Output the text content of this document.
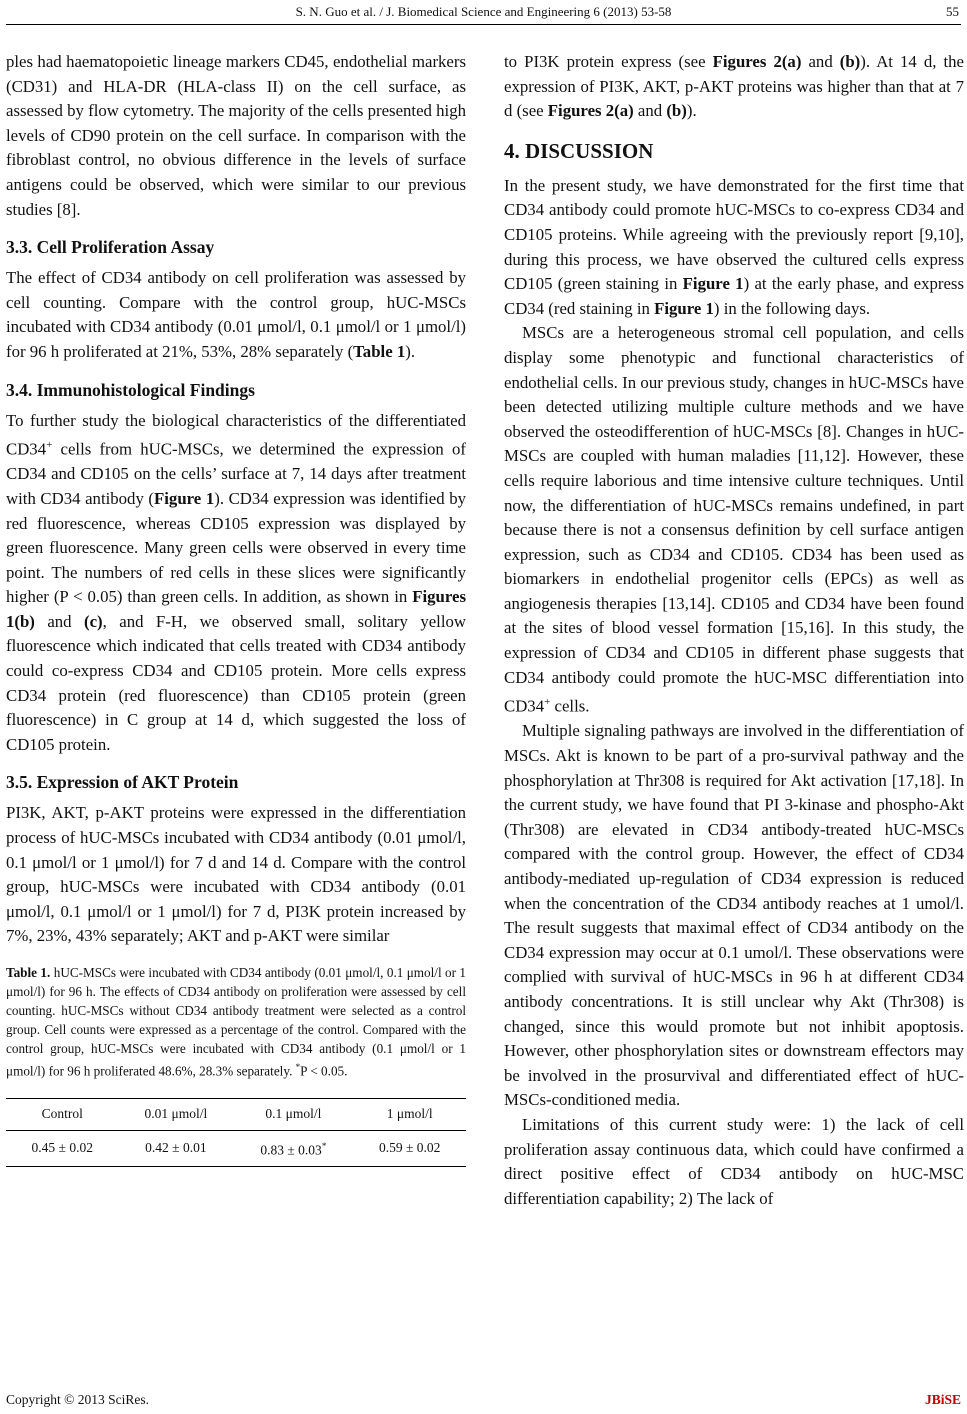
S. N. Guo et al. / J. Biomedical Science and Engineering 6 (2013) 53-58	55

ples had haematopoietic lineage markers CD45, endothelial markers (CD31) and HLA-DR (HLA-class II) on the cell surface, as assessed by flow cytometry. The majority of the cells presented high levels of CD90 protein on the cell surface. In comparison with the fibroblast control, no obvious difference in the levels of surface antigens could be observed, which were similar to our previous studies [8].

3.3. Cell Proliferation Assay

The effect of CD34 antibody on cell proliferation was assessed by cell counting. Compare with the control group, hUC-MSCs incubated with CD34 antibody (0.01 μmol/l, 0.1 μmol/l or 1 μmol/l) for 96 h proliferated at 21%, 53%, 28% separately (Table 1).

3.4. Immunohistological Findings

To further study the biological characteristics of the differentiated CD34+ cells from hUC-MSCs, we determined the expression of CD34 and CD105 on the cells’ surface at 7, 14 days after treatment with CD34 antibody (Figure 1). CD34 expression was identified by red fluorescence, whereas CD105 expression was displayed by green fluorescence. Many green cells were observed in every time point. The numbers of red cells in these slices were significantly higher (P < 0.05) than green cells. In addition, as shown in Figures 1(b) and (c), and F-H, we observed small, solitary yellow fluorescence which indicated that cells treated with CD34 antibody could co-express CD34 and CD105 protein. More cells express CD34 protein (red fluorescence) than CD105 protein (green fluorescence) in C group at 14 d, which suggested the loss of CD105 protein.

3.5. Expression of AKT Protein

PI3K, AKT, p-AKT proteins were expressed in the differentiation process of hUC-MSCs incubated with CD34 antibody (0.01 μmol/l, 0.1 μmol/l or 1 μmol/l) for 7 d and 14 d. Compare with the control group, hUC-MSCs were incubated with CD34 antibody (0.01 μmol/l, 0.1 μmol/l or 1 μmol/l) for 7 d, PI3K protein increased by 7%, 23%, 43% separately; AKT and p-AKT were similar

Table 1. hUC-MSCs were incubated with CD34 antibody (0.01 μmol/l, 0.1 μmol/l or 1 μmol/l) for 96 h. The effects of CD34 antibody on proliferation were assessed by cell counting. hUC-MSCs without CD34 antibody treatment were selected as a control group. Cell counts were expressed as a percentage of the control. Compared with the control group, hUC-MSCs were incubated with CD34 antibody (0.1 μmol/l or 1 μmol/l) for 96 h proliferated 48.6%, 28.3% separately. *P < 0.05.
Control	0.01 μmol/l	0.1 μmol/l	1 μmol/l
0.45 ± 0.02	0.42 ± 0.01	0.83 ± 0.03*	0.59 ± 0.02

to PI3K protein express (see Figures 2(a) and (b)). At 14 d, the expression of PI3K, AKT, p-AKT proteins was higher than that at 7 d (see Figures 2(a) and (b)).

4. DISCUSSION

In the present study, we have demonstrated for the first time that CD34 antibody could promote hUC-MSCs to co-express CD34 and CD105 proteins. While agreeing with the previously report [9,10], during this process, we have observed the cultured cells express CD105 (green staining in Figure 1) at the early phase, and express CD34 (red staining in Figure 1) in the following days.

MSCs are a heterogeneous stromal cell population, and cells display some phenotypic and functional characteristics of endothelial cells. In our previous study, changes in hUC-MSCs have been detected utilizing multiple culture methods and we have observed the osteodifferention of hUC-MSCs [8]. Changes in hUC-MSCs are coupled with human maladies [11,12]. However, these cells require laborious and time intensive culture techniques. Until now, the differentiation of hUC-MSCs remains undefined, in part because there is not a consensus definition by cell surface antigen expression, such as CD34 and CD105. CD34 has been used as biomarkers in endothelial progenitor cells (EPCs) as well as angiogenesis therapies [13,14]. CD105 and CD34 have been found at the sites of blood vessel formation [15,16]. In this study, the expression of CD34 and CD105 in different phase suggests that CD34 antibody could promote the hUC-MSC differentiation into CD34+ cells.

Multiple signaling pathways are involved in the differentiation of MSCs. Akt is known to be part of a pro-survival pathway and the phosphorylation at Thr308 is required for Akt activation [17,18]. In the current study, we have found that PI 3-kinase and phospho-Akt (Thr308) are elevated in CD34 antibody-treated hUC-MSCs compared with the control group. However, the effect of CD34 antibody-mediated up-regulation of CD34 expression is reduced when the concentration of the CD34 antibody reaches at 1 umol/l. The result suggests that maximal effect of CD34 antibody on the CD34 expression may occur at 0.1 umol/l. These observations were complied with survival of hUC-MSCs in 96 h at different CD34 antibody concentrations. It is still unclear why Akt (Thr308) is changed, since this would promote but not inhibit apoptosis. However, other phosphorylation sites or downstream effectors may be involved in the prosurvival and differentiated effect of hUC-MSCs-conditioned media.

Limitations of this current study were: 1) the lack of cell proliferation assay continuous data, which could have confirmed a direct positive effect of CD34 antibody on hUC-MSC differentiation capability; 2) The lack of

Copyright © 2013 SciRes.	JBiSE
